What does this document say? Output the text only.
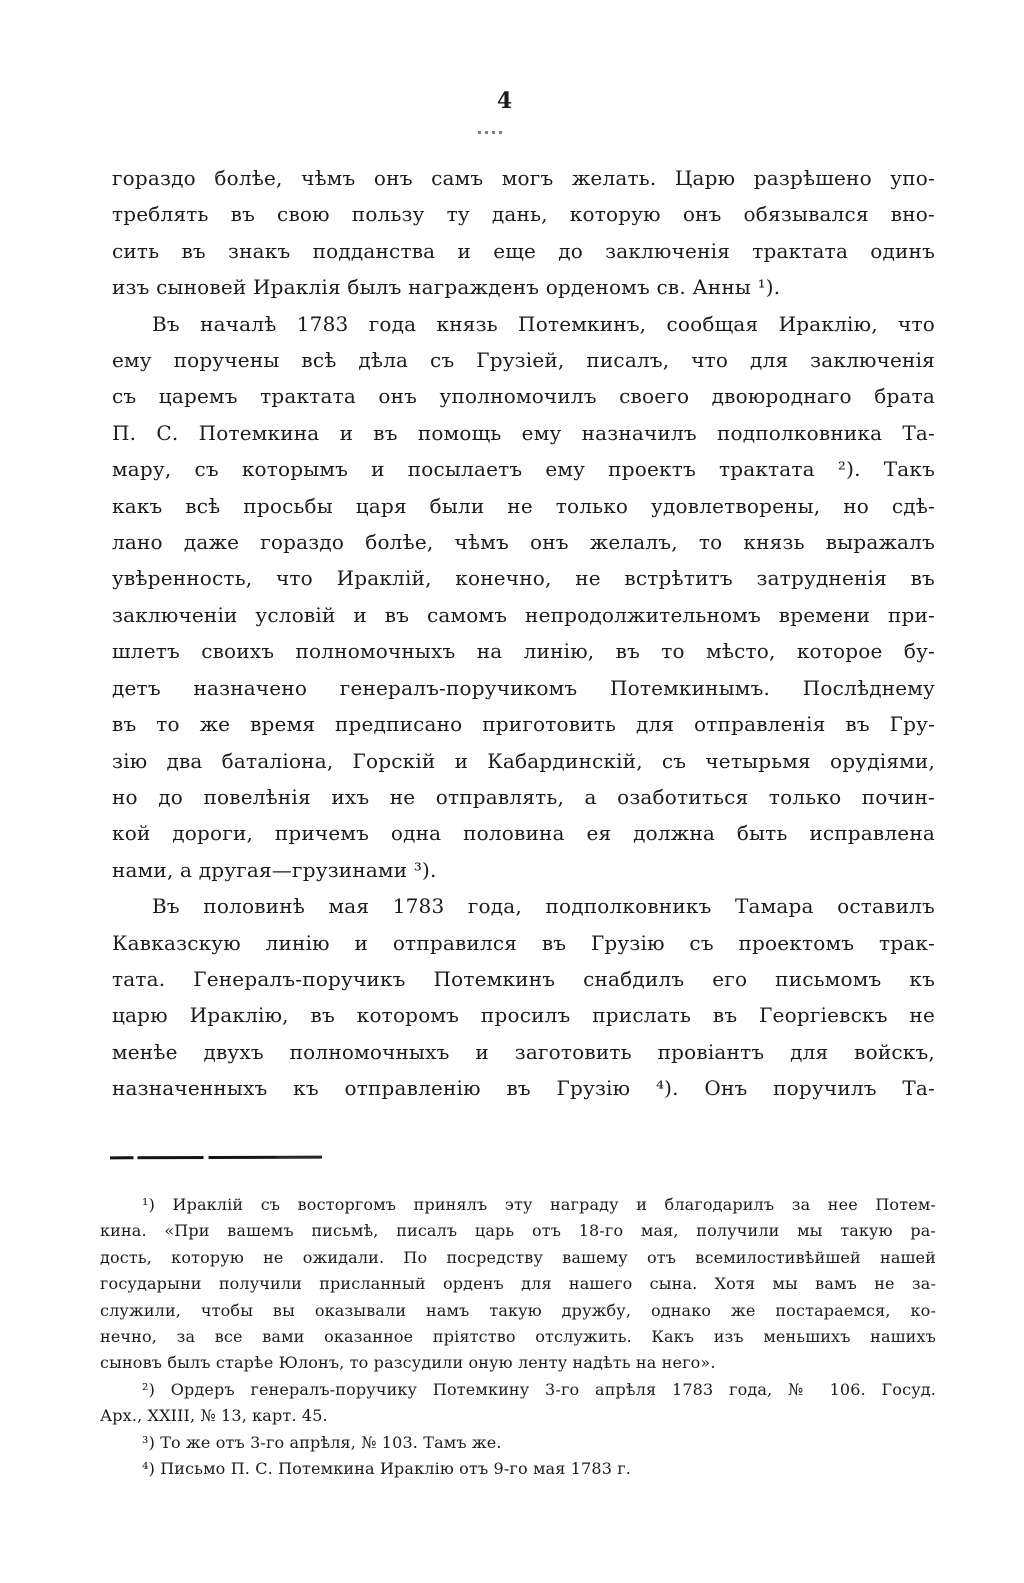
4
гораздо болѣе, чѣмъ онъ самъ могъ желать. Царю разрѣшено упо-
треблять въ свою пользу ту дань, которую онъ обязывался вно-
сить въ знакъ подданства и еще до заключенія трактата одинъ
изъ сыновей Ираклія былъ награжденъ орденомъ св. Анны ¹).
Въ началѣ 1783 года князь Потемкинъ, сообщая Ираклію, что
ему поручены всѣ дѣла съ Грузіей, писалъ, что для заключенія
съ царемъ трактата онъ уполномочилъ своего двоюроднаго брата
П. С. Потемкина и въ помощь ему назначилъ подполковника Та-
мару, съ которымъ и посылаетъ ему проектъ трактата ²). Такъ
какъ всѣ просьбы царя были не только удовлетворены, но сдѣ-
лано даже гораздо болѣе, чѣмъ онъ желалъ, то князь выражалъ
увѣренность, что Ираклій, конечно, не встрѣтитъ затрудненія въ
заключеніи условій и въ самомъ непродолжительномъ времени при-
шлетъ своихъ полномочныхъ на линію, въ то мѣсто, которое бу-
детъ назначено генералъ-поручикомъ Потемкинымъ. Послѣднему
въ то же время предписано приготовить для отправленія въ Гру-
зію два баталіона, Горскій и Кабардинскій, съ четырьмя орудіями,
но до повелѣнія ихъ не отправлять, а озаботиться только почин-
кой дороги, причемъ одна половина ея должна быть исправлена
нами, а другая—грузинами ³).
Въ половинѣ мая 1783 года, подполковникъ Тамара оставилъ
Кавказскую линію и отправился въ Грузію съ проектомъ трак-
тата. Генералъ-поручикъ Потемкинъ снабдилъ его письмомъ къ
царю Ираклію, въ которомъ просилъ прислать въ Георгіевскъ не
менѣе двухъ полномочныхъ и заготовить провіантъ для войскъ,
назначенныхъ къ отправленію въ Грузію ⁴). Онъ поручилъ Та-
¹) Ираклій съ восторгомъ принялъ эту награду и благодарилъ за нее Потем-
кина. «При вашемъ письмѣ, писалъ царь отъ 18-го мая, получили мы такую ра-
дость, которую не ожидали. По посредству вашему отъ всемилостивѣйшей нашей
государыни получили присланный орденъ для нашего сына. Хотя мы вамъ не за-
служили, чтобы вы оказывали намъ такую дружбу, однако же постараемся, ко-
нечно, за все вами оказанное пріятство отслужить. Какъ изъ меньшихъ нашихъ
сыновъ былъ старѣе Юлонъ, то разсудили оную ленту надѣть на него».
²) Ордеръ генералъ-поручику Потемкину 3-го апрѣля 1783 года, № 106. Госуд.
Арх., XXIII, № 13, карт. 45.
³) То же отъ 3-го апрѣля, № 103. Тамъ же.
⁴) Письмо П. С. Потемкина Ираклію отъ 9-го мая 1783 г.
